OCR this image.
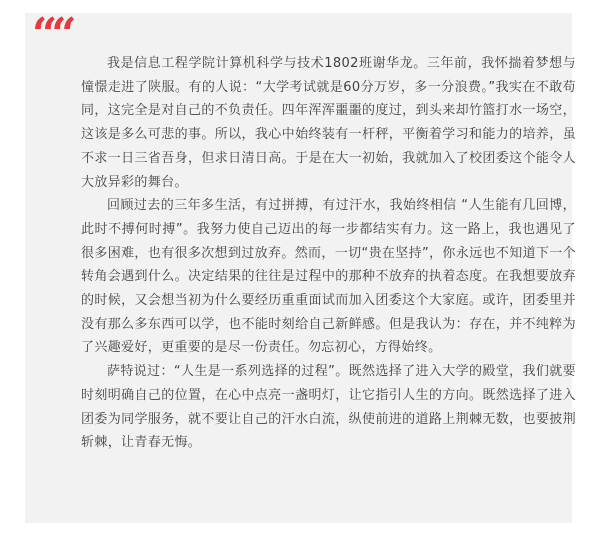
““

我是信息工程学院计算机科学与技术1802班谢华龙。三年前，我怀揣着梦想与憧憬走进了陕服。有的人说：“大学考试就是60分万岁，多一分浪费。”我实在不敢苟同，这完全是对自己的不负责任。四年浑浑噩噩的度过，到头来却竹篮打水一场空，这该是多么可悲的事。所以，我心中始终装有一杆秤，平衡着学习和能力的培养，虽不求一日三省吾身，但求日清日高。于是在大一初始，我就加入了校团委这个能令人大放异彩的舞台。

回顾过去的三年多生活，有过拼搏，有过汗水，我始终相信 “人生能有几回博，此时不搏何时搏”。我努力使自己迈出的每一步都结实有力。这一路上，我也遇见了很多困难，也有很多次想到过放弃。然而，一切“贵在坚持”，你永远也不知道下一个转角会遇到什么。决定结果的往往是过程中的那种不放弃的执着态度。在我想要放弃的时候，又会想当初为什么要经历重重面试而加入团委这个大家庭。或许，团委里并没有那么多东西可以学，也不能时刻给自己新鲜感。但是我认为：存在，并不纯粹为了兴趣爱好，更重要的是尽一份责任。勿忘初心，方得始终。

萨特说过：“人生是一系列选择的过程”。既然选择了进入大学的殿堂，我们就要时刻明确自己的位置，在心中点亮一盏明灯，让它指引人生的方向。既然选择了进入团委为同学服务，就不要让自己的汗水白流，纵使前进的道路上荆棘无数，也要披荆斩棘，让青春无悔。
